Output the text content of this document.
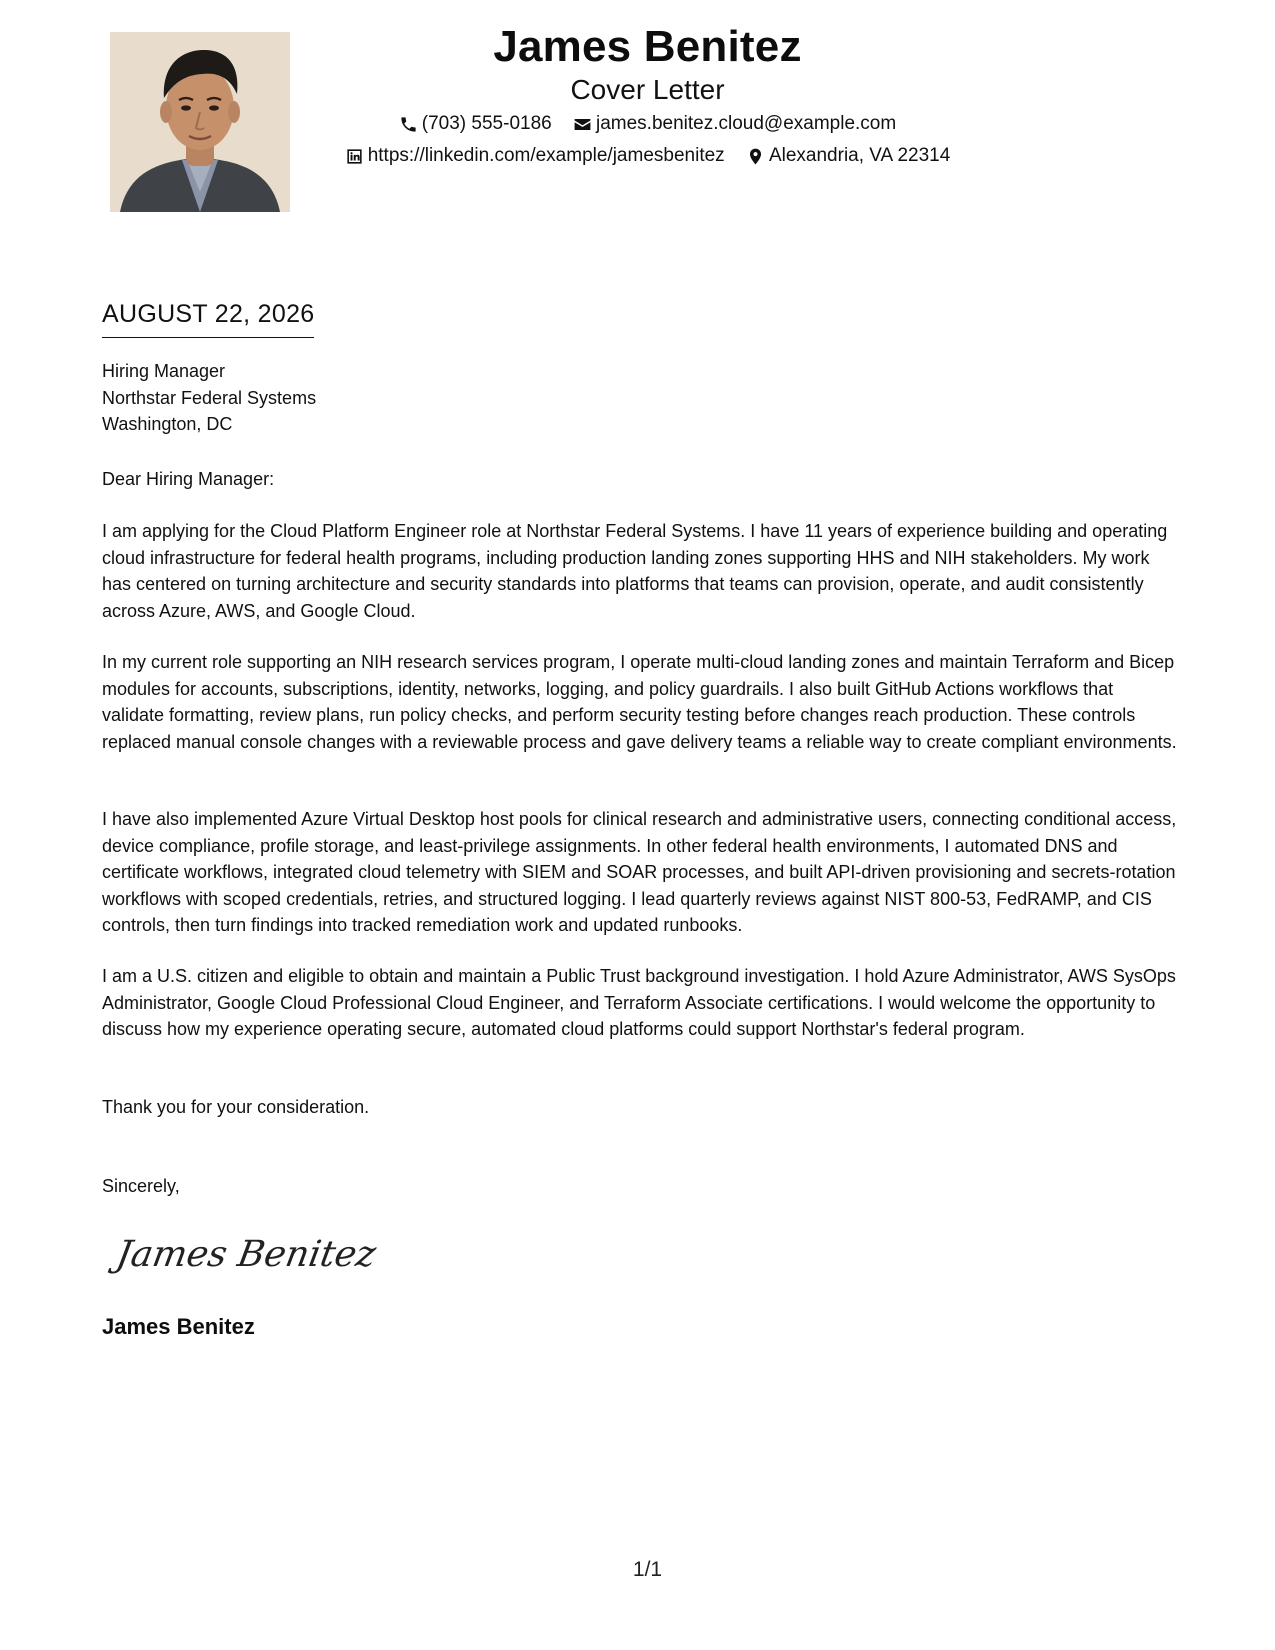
James Benitez
Cover Letter
(703) 555-0186
james.benitez.cloud@example.com
https://linkedin.com/example/jamesbenitez
Alexandria, VA 22314
AUGUST 22, 2026
Hiring Manager
Northstar Federal Systems
Washington, DC

Dear Hiring Manager:

I am applying for the Cloud Platform Engineer role at Northstar Federal Systems. I have 11 years of experience building and operating cloud infrastructure for federal health programs, including production landing zones supporting HHS and NIH stakeholders. My work has centered on turning architecture and security standards into platforms that teams can provision, operate, and audit consistently across Azure, AWS, and Google Cloud.

In my current role supporting an NIH research services program, I operate multi-cloud landing zones and maintain Terraform and Bicep modules for accounts, subscriptions, identity, networks, logging, and policy guardrails. I also built GitHub Actions workflows that validate formatting, review plans, run policy checks, and perform security testing before changes reach production. These controls replaced manual console changes with a reviewable process and gave delivery teams a reliable way to create compliant environments.

I have also implemented Azure Virtual Desktop host pools for clinical research and administrative users, connecting conditional access, device compliance, profile storage, and least-privilege assignments. In other federal health environments, I automated DNS and certificate workflows, integrated cloud telemetry with SIEM and SOAR processes, and built API-driven provisioning and secrets-rotation workflows with scoped credentials, retries, and structured logging. I lead quarterly reviews against NIST 800-53, FedRAMP, and CIS controls, then turn findings into tracked remediation work and updated runbooks.

I am a U.S. citizen and eligible to obtain and maintain a Public Trust background investigation. I hold Azure Administrator, AWS SysOps Administrator, Google Cloud Professional Cloud Engineer, and Terraform Associate certifications. I would welcome the opportunity to discuss how my experience operating secure, automated cloud platforms could support Northstar's federal program.

Thank you for your consideration.

Sincerely,

James Benitez
James Benitez
1/1
